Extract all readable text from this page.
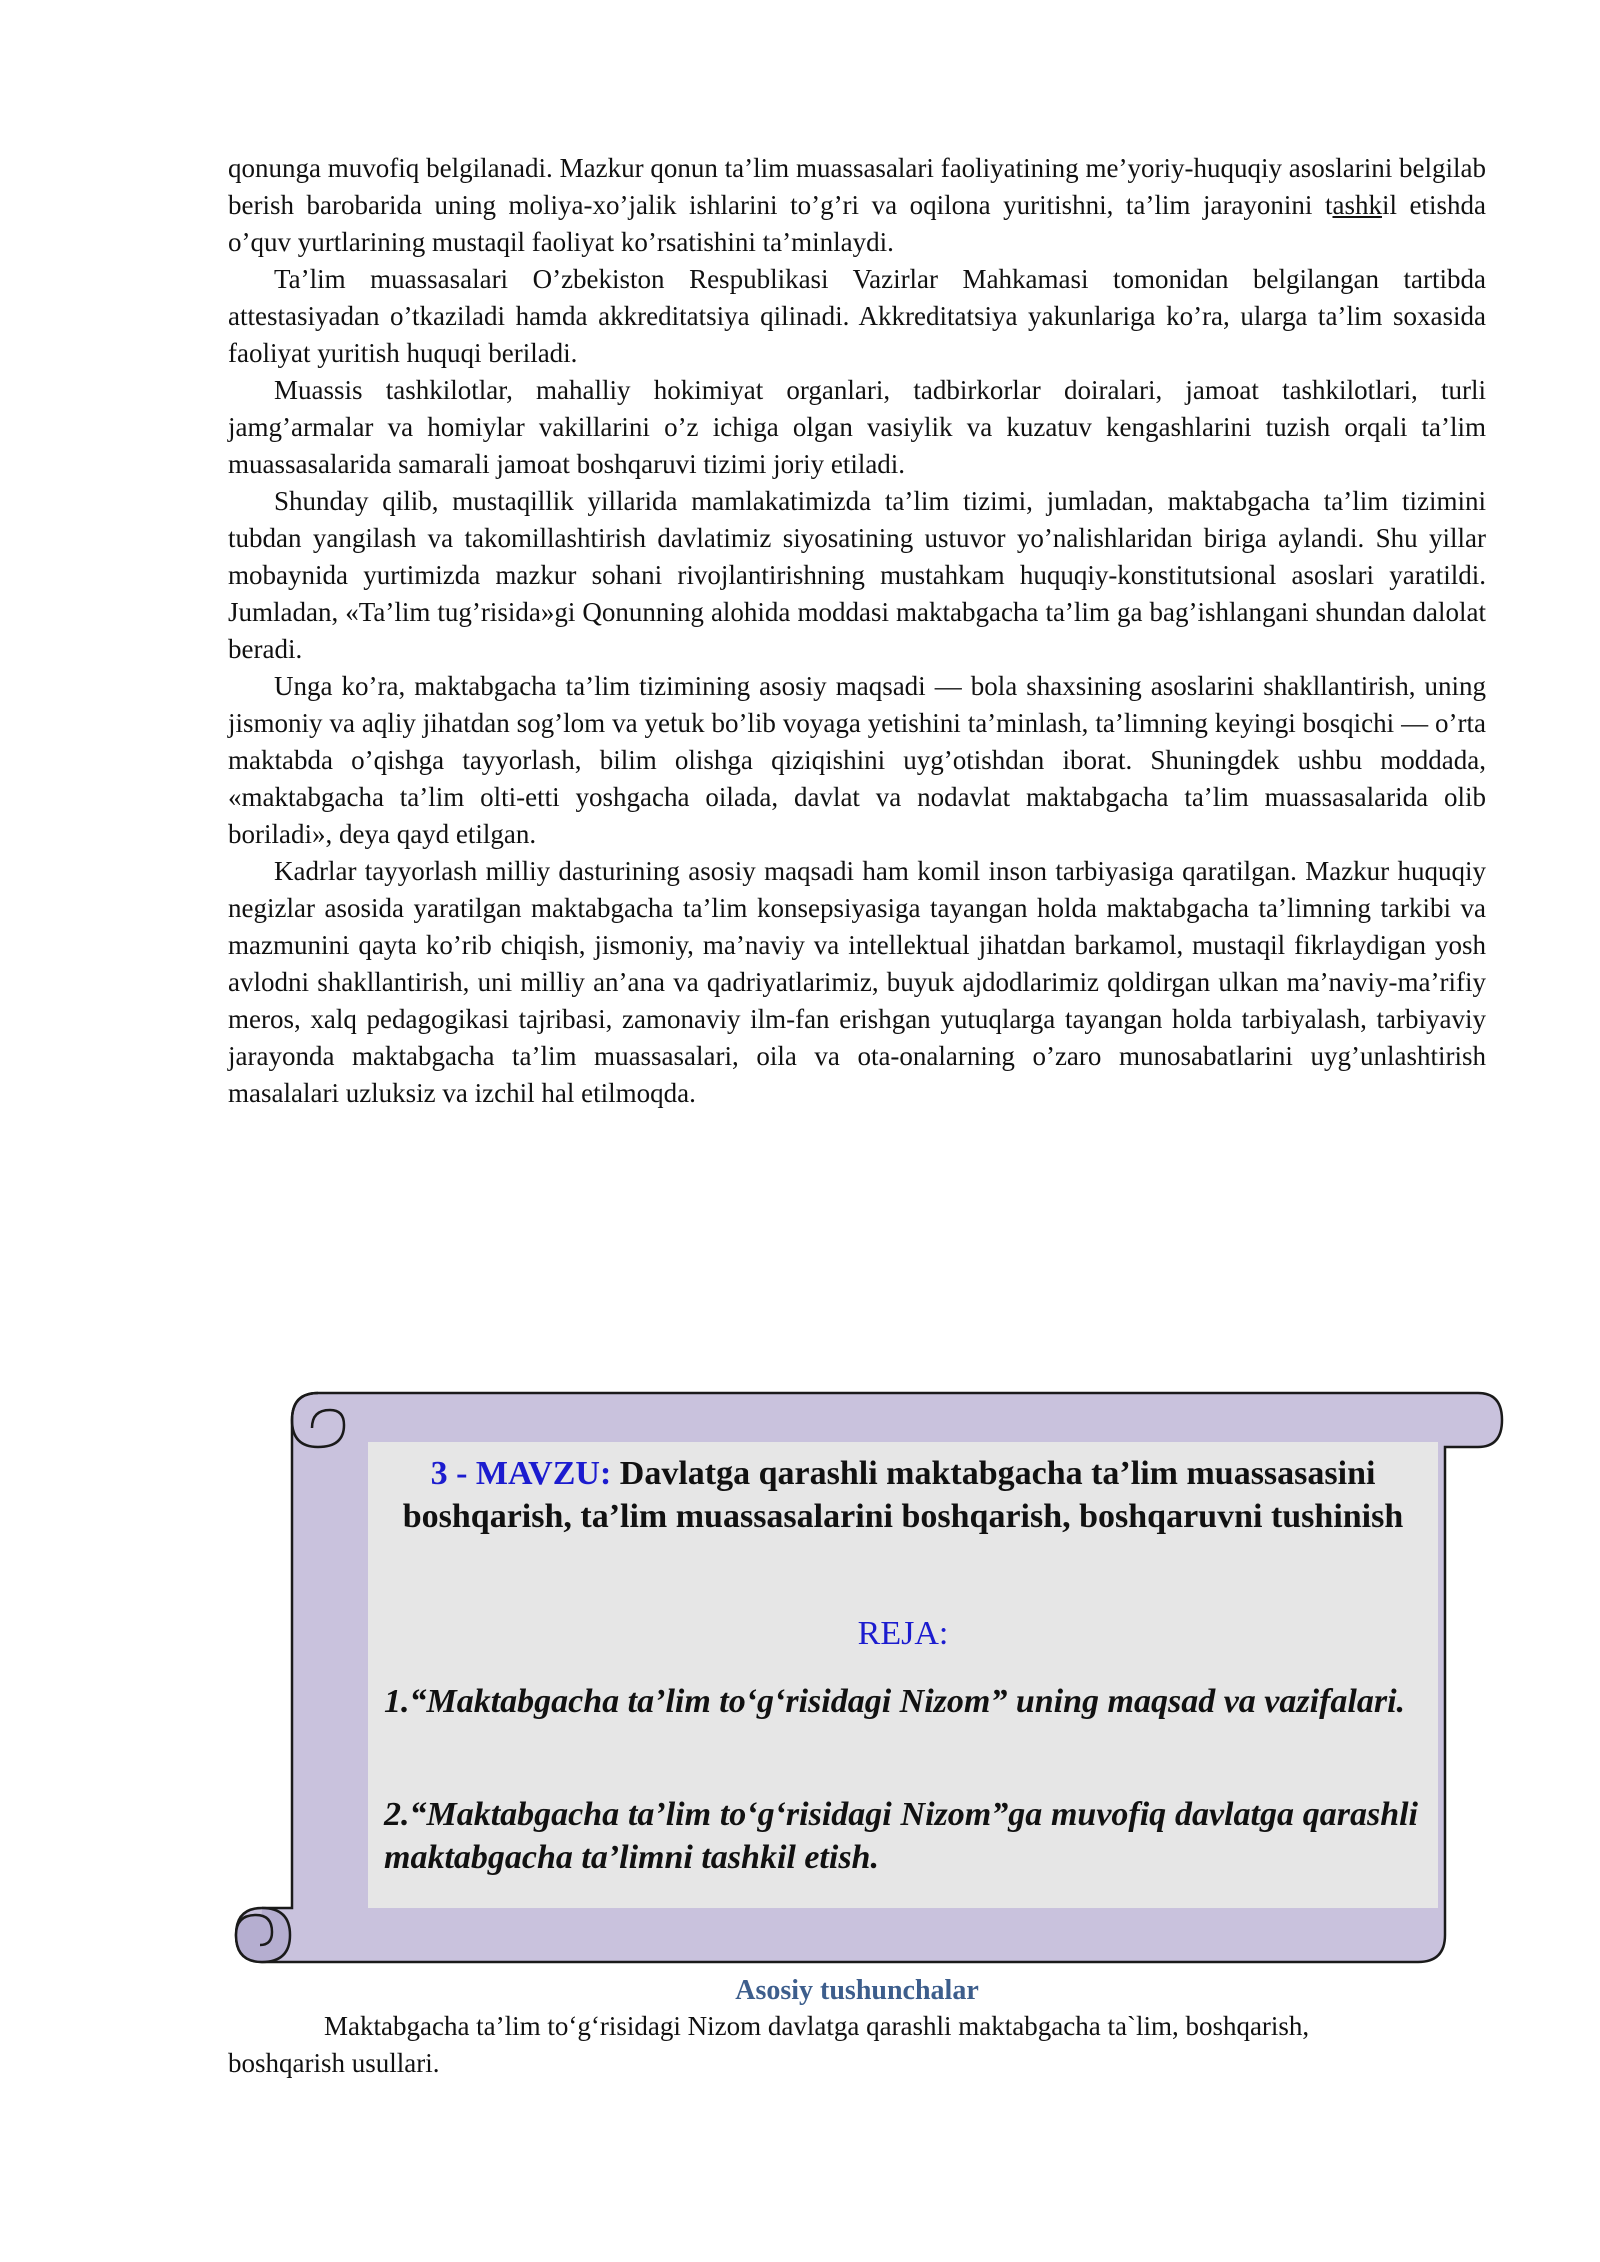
qonunga muvofiq belgilanadi. Mazkur qonun ta’lim muassasalari faoliyatining me’yoriy-huquqiy asoslarini belgilab berish barobarida uning moliya-xo’jalik ishlarini to’g’ri va oqilona yuritishni, ta’lim jarayonini tashkil etishda o’quv yurtlarining mustaqil faoliyat ko’rsatishini ta’minlaydi.

Ta’lim muassasalari O’zbekiston Respublikasi Vazirlar Mahkamasi tomonidan belgilangan tartibda attestasiyadan o’tkaziladi hamda akkreditatsiya qilinadi. Akkreditatsiya yakunlariga ko’ra, ularga ta’lim soxasida faoliyat yuritish huquqi beriladi.

Muassis tashkilotlar, mahalliy hokimiyat organlari, tadbirkorlar doiralari, jamoat tashkilotlari, turli jamg’armalar va homiylar vakillarini o’z ichiga olgan vasiylik va kuzatuv kengashlarini tuzish orqali ta’lim muassasalarida samarali jamoat boshqaruvi tizimi joriy etiladi.

Shunday qilib, mustaqillik yillarida mamlakatimizda ta’lim tizimi, jumladan, maktabgacha ta’lim tizimini tubdan yangilash va takomillashtirish davlatimiz siyosatining ustuvor yo’nalishlaridan biriga aylandi. Shu yillar mobaynida yurtimizda mazkur sohani rivojlantirishning mustahkam huquqiy-konstitutsional asoslari yaratildi. Jumladan, «Ta’lim tug’risida»gi Qonunning alohida moddasi maktabgacha ta’lim ga bag’ishlangani shundan dalolat beradi.

Unga ko’ra, maktabgacha ta’lim tizimining asosiy maqsadi — bola shaxsining asoslarini shakllantirish, uning jismoniy va aqliy jihatdan sog’lom va yetuk bo’lib voyaga yetishini ta’minlash, ta’limning keyingi bosqichi — o’rta maktabda o’qishga tayyorlash, bilim olishga qiziqishini uyg’otishdan iborat. Shuningdek ushbu moddada, «maktabgacha ta’lim olti-etti yoshgacha oilada, davlat va nodavlat maktabgacha ta’lim muassasalarida olib boriladi», deya qayd etilgan.

Kadrlar tayyorlash milliy dasturining asosiy maqsadi ham komil inson tarbiyasiga qaratilgan. Mazkur huquqiy negizlar asosida yaratilgan maktabgacha ta’lim konsepsiyasiga tayangan holda maktabgacha ta’limning tarkibi va mazmunini qayta ko’rib chiqish, jismoniy, ma’naviy va intellektual jihatdan barkamol, mustaqil fikrlaydigan yosh avlodni shakllantirish, uni milliy an’ana va qadriyatlarimiz, buyuk ajdodlarimiz qoldirgan ulkan ma’naviy-ma’rifiy meros, xalq pedagogikasi tajribasi, zamonaviy ilm-fan erishgan yutuqlarga tayangan holda tarbiyalash, tarbiyaviy jarayonda maktabgacha ta’lim muassasalari, oila va ota-onalarning o’zaro munosabatlarini uyg’unlashtirish masalalari uzluksiz va izchil hal etilmoqda.

3 - MAVZU: Davlatga qarashli maktabgacha ta’lim muassasasini boshqarish, ta’lim muassasalarini boshqarish, boshqaruvni tushinish
REJA:
1.“Maktabgacha ta’lim to‘g‘risidagi Nizom” uning maqsad va vazifalari.
2.“Maktabgacha ta’lim to‘g‘risidagi Nizom”ga muvofiq davlatga qarashli maktabgacha ta’limni tashkil etish.
Asosiy tushunchalar
Maktabgacha ta’lim to‘g‘risidagi Nizom davlatga qarashli maktabgacha ta`lim, boshqarish, boshqarish usullari.
